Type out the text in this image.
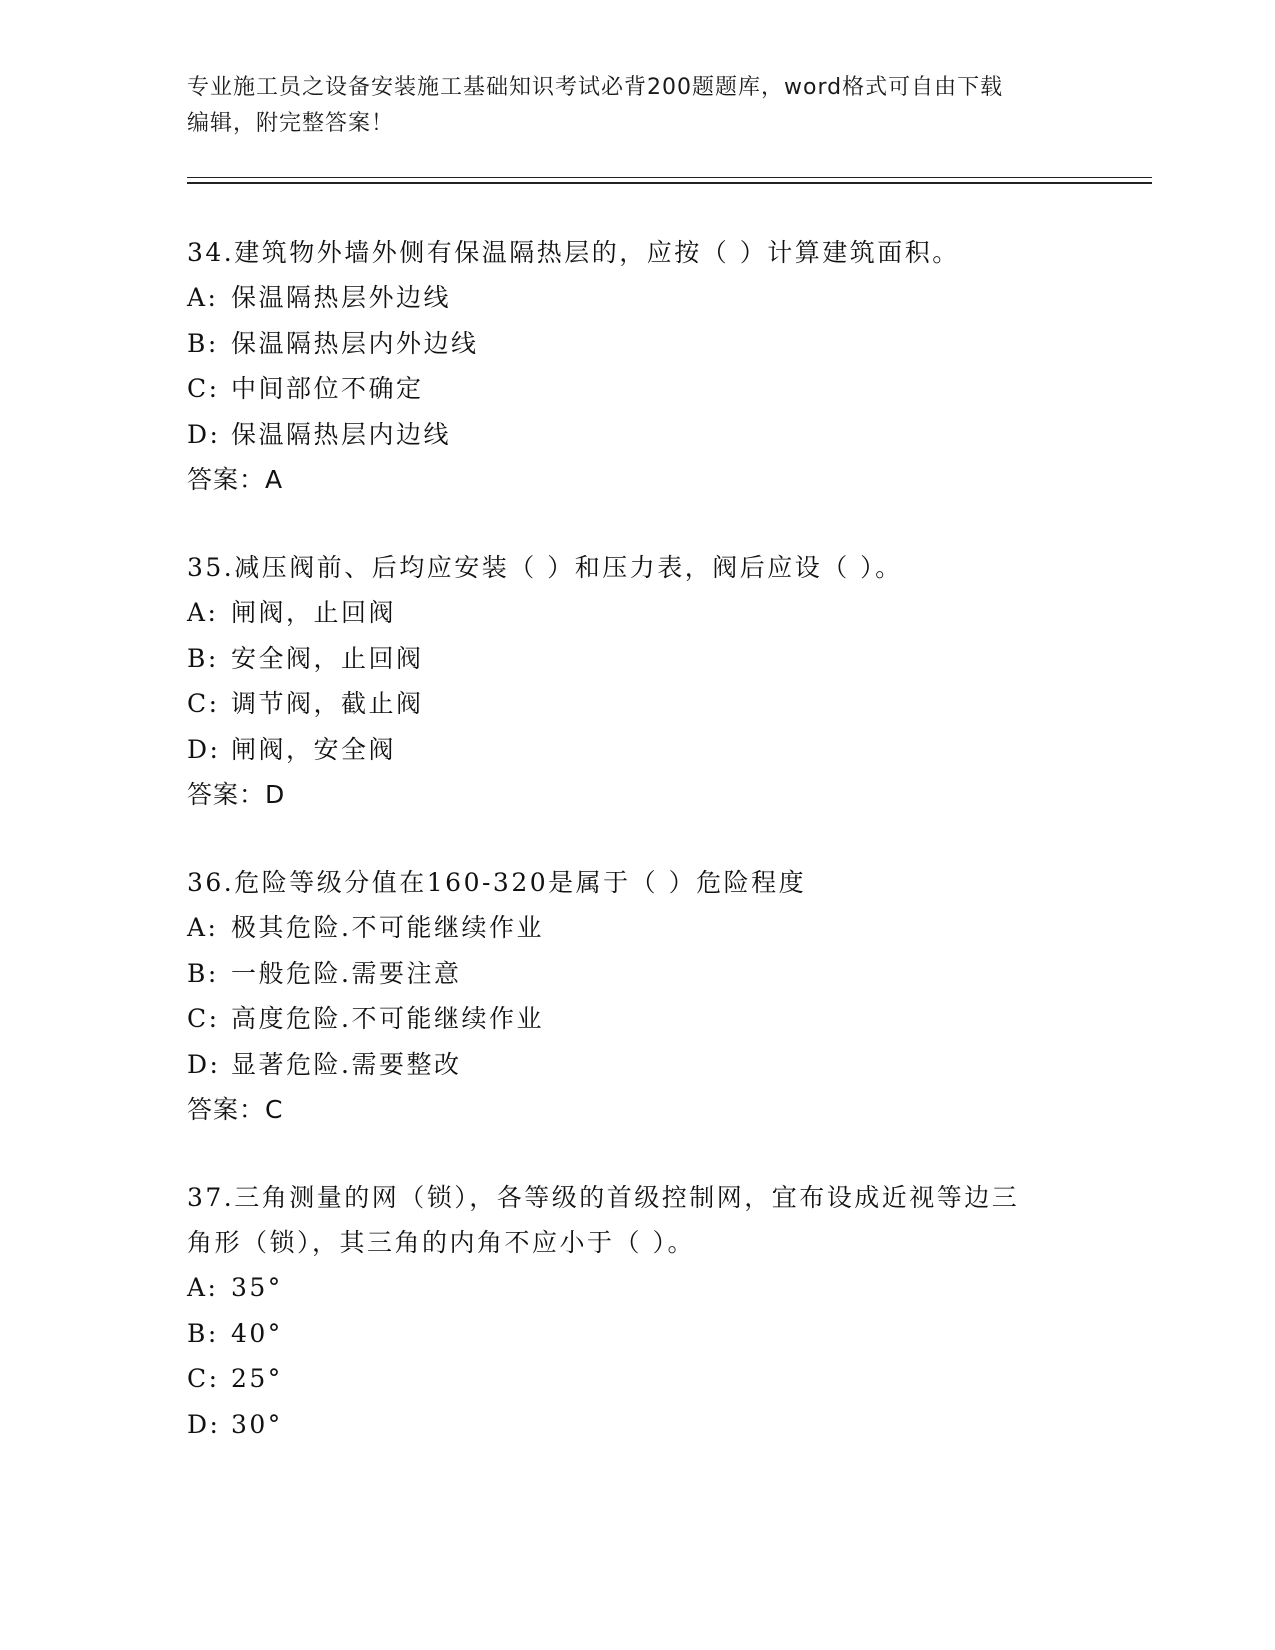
专业施工员之设备安装施工基础知识考试必背200题题库，word格式可自由下载
编辑，附完整答案！

34.建筑物外墙外侧有保温隔热层的，应按（ ）计算建筑面积。

A: 保温隔热层外边线

B: 保温隔热层内外边线

C: 中间部位不确定

D: 保温隔热层内边线

答案：A

35.减压阀前、后均应安装（ ）和压力表，阀后应设（ ）。

A: 闸阀，止回阀

B: 安全阀，止回阀

C: 调节阀，截止阀

D: 闸阀，安全阀

答案：D

36.危险等级分值在160-320是属于（ ）危险程度

A: 极其危险.不可能继续作业

B: 一般危险.需要注意

C: 高度危险.不可能继续作业

D: 显著危险.需要整改

答案：C

37.三角测量的网（锁），各等级的首级控制网，宜布设成近视等边三

角形（锁），其三角的内角不应小于（ ）。

A: 35°

B: 40°

C: 25°

D: 30°
